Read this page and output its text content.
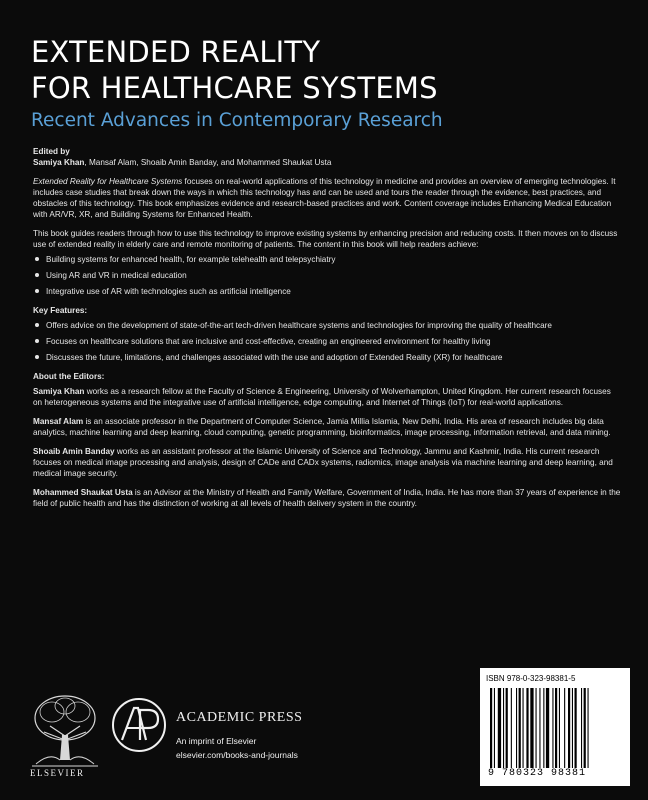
EXTENDED REALITY
FOR HEALTHCARE SYSTEMS
Recent Advances in Contemporary Research
Edited by
Samiya Khan, Mansaf Alam, Shoaib Amin Banday, and Mohammed Shaukat Usta

Extended Reality for Healthcare Systems focuses on real-world applications of this technology in medicine and provides an overview of emerging technologies. It includes case studies that break down the ways in which this technology has and can be used and tours the reader through the evidence, best practices, and obstacles of this technology. This book emphasizes evidence and research-based practices and work. Content coverage includes Enhancing Medical Education with AR/VR, XR, and Building Systems for Enhanced Health.

This book guides readers through how to use this technology to improve existing systems by enhancing precision and reducing costs. It then moves on to discuss use of extended reality in elderly care and remote monitoring of patients. The content in this book will help readers achieve:

Building systems for enhanced health, for example telehealth and telepsychiatry
Using AR and VR in medical education
Integrative use of AR with technologies such as artificial intelligence
Key Features:
Offers advice on the development of state-of-the-art tech-driven healthcare systems and technologies for improving the quality of healthcare
Focuses on healthcare solutions that are inclusive and cost-effective, creating an engineered environment for healthy living
Discusses the future, limitations, and challenges associated with the use and adoption of Extended Reality (XR) for healthcare
About the Editors:

Samiya Khan works as a research fellow at the Faculty of Science & Engineering, University of Wolverhampton, United Kingdom. Her current research focuses on heterogeneous systems and the integrative use of artificial intelligence, edge computing, and Internet of Things (IoT) for real-world applications.

Mansaf Alam is an associate professor in the Department of Computer Science, Jamia Millia Islamia, New Delhi, India. His area of research includes big data analytics, machine learning and deep learning, cloud computing, genetic programming, bioinformatics, image processing, information retrieval, and data mining.

Shoaib Amin Banday works as an assistant professor at the Islamic University of Science and Technology, Jammu and Kashmir, India. His current research focuses on medical image processing and analysis, design of CADe and CADx systems, radiomics, image analysis via machine learning and deep learning, and medical image security.

Mohammed Shaukat Usta is an Advisor at the Ministry of Health and Family Welfare, Government of India, India. He has more than 37 years of experience in the field of public health and has the distinction of working at all levels of health delivery system in the country.

ELSEVIER
ACADEMIC PRESS
An imprint of Elsevier
elsevier.com/books-and-journals
ISBN 978-0-323-98381-5
9 780323 98381
